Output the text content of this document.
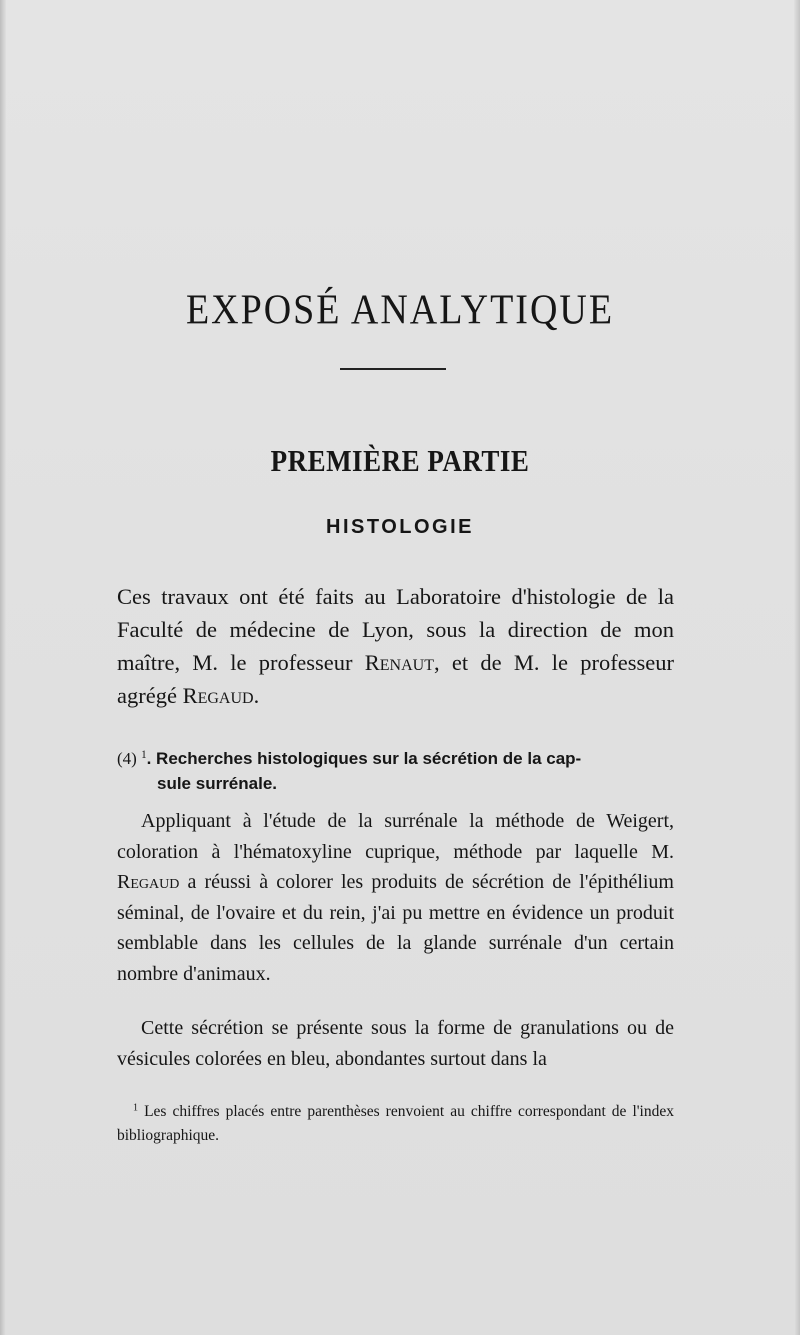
EXPOSÉ ANALYTIQUE
PREMIÈRE PARTIE
HISTOLOGIE

Ces travaux ont été faits au Laboratoire d'histologie de la Faculté de médecine de Lyon, sous la direction de mon maître, M. le professeur Renaut, et de M. le professeur agrégé Regaud.

(4) $^1$. Recherches histologiques sur la sécrétion de la cap-
sule surrénale.

Appliquant à l'étude de la surrénale la méthode de Weigert, coloration à l'hématoxyline cuprique, méthode par laquelle M. Regaud a réussi à colorer les produits de sécrétion de l'épithélium séminal, de l'ovaire et du rein, j'ai pu mettre en évidence un produit semblable dans les cellules de la glande surrénale d'un certain nombre d'animaux.

Cette sécrétion se présente sous la forme de granulations ou de vésicules colorées en bleu, abondantes surtout dans la

$^1$ Les chiffres placés entre parenthèses renvoient au chiffre correspondant de l'index bibliographique.
